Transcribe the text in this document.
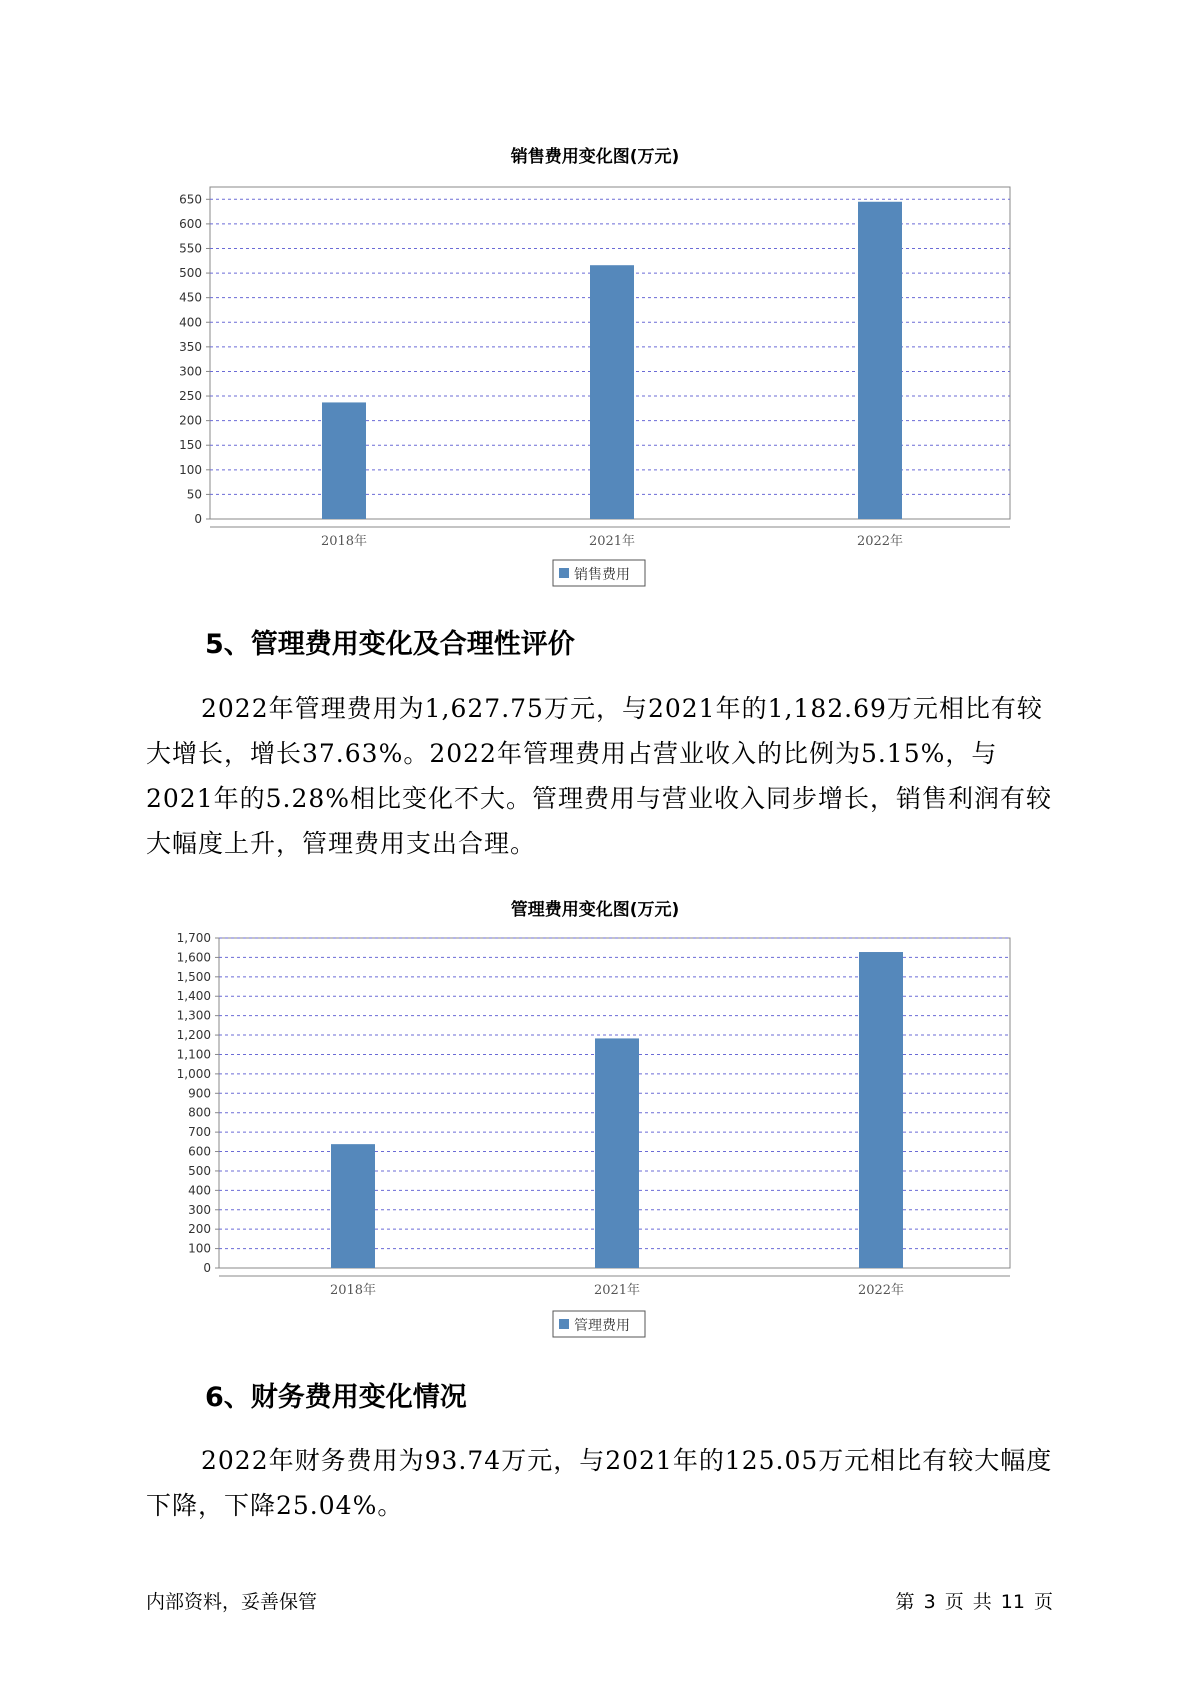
销售费用变化图(万元)
0
50
100
150
200
250
300
350
400
450
500
550
600
650
2018年	2021年	2022年
销售费用
5、管理费用变化及合理性评价

2022年管理费用为1,627.75万元，与2021年的1,182.69万元相比有较大增长，增长37.63%。2022年管理费用占营业收入的比例为5.15%，与2021年的5.28%相比变化不大。管理费用与营业收入同步增长，销售利润有较大幅度上升，管理费用支出合理。

管理费用变化图(万元)
0
100
200
300
400
500
600
700
800
900
1,000
1,100
1,200
1,300
1,400
1,500
1,600
1,700
2018年	2021年	2022年
管理费用
6、财务费用变化情况

2022年财务费用为93.74万元，与2021年的125.05万元相比有较大幅度下降，下降25.04%。

内部资料，妥善保管	第 3 页 共 11 页
